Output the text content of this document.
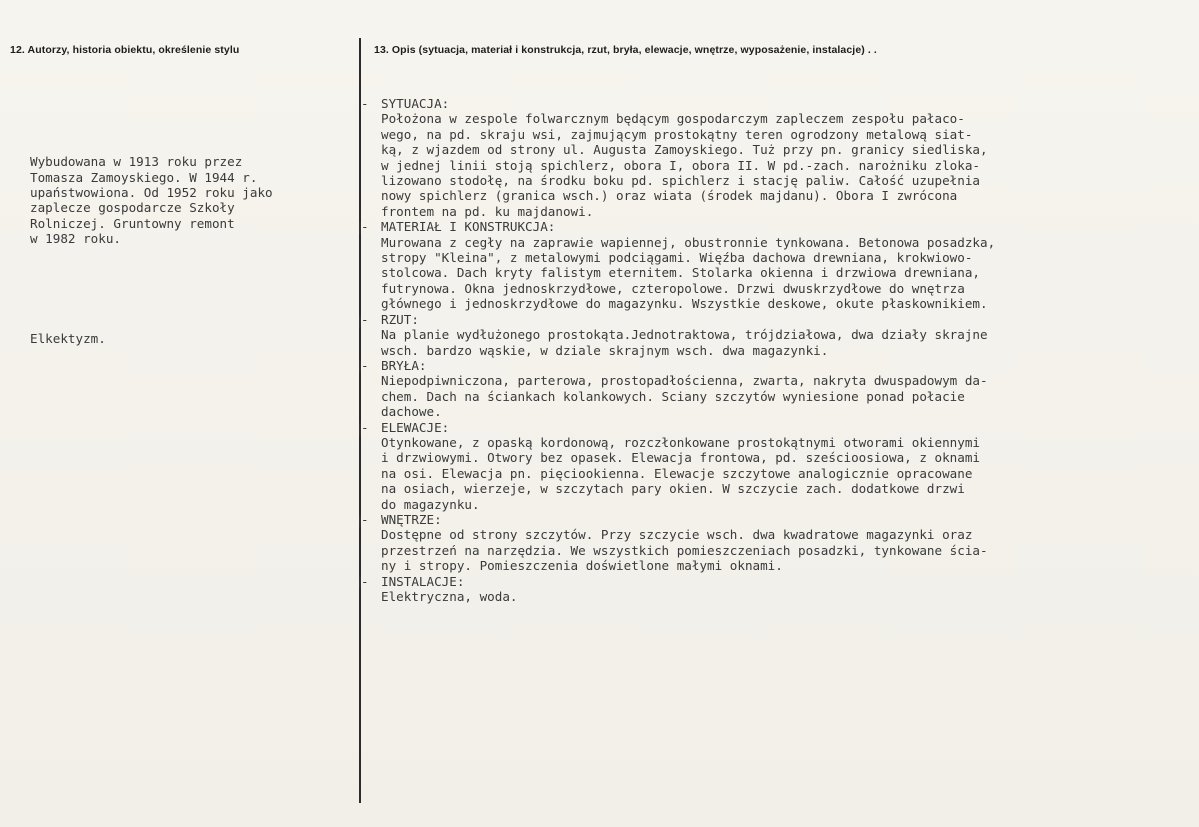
12. Autorzy, historia obiektu, określenie stylu	13. Opis (sytuacja, materiał i konstrukcja, rzut, bryła, elewacje, wnętrze, wyposażenie, instalacje) . .

Wybudowana w 1913 roku przez
Tomasza Zamoyskiego. W 1944 r.
upaństwowiona. Od 1952 roku jako
zaplecze gospodarcze Szkoły
Rolniczej. Gruntowny remont
w 1982 roku.

Elkektyzm.

- SYTUACJA:
Położona w zespole folwarcznym będącym gospodarczym zapleczem zespołu pałaco-
wego, na pd. skraju wsi, zajmującym prostokątny teren ogrodzony metalową siat-
ką, z wjazdem od strony ul. Augusta Zamoyskiego. Tuż przy pn. granicy siedliska,
w jednej linii stoją spichlerz, obora I, obora II. W pd.-zach. narożniku zloka-
lizowano stodołę, na środku boku pd. spichlerz i stację paliw. Całość uzupełnia
nowy spichlerz (granica wsch.) oraz wiata (środek majdanu). Obora I zwrócona
frontem na pd. ku majdanowi.
- MATERIAŁ I KONSTRUKCJA:
Murowana z cegły na zaprawie wapiennej, obustronnie tynkowana. Betonowa posadzka,
stropy "Kleina", z metalowymi podciągami. Więźba dachowa drewniana, krokwiowo-
stolcowa. Dach kryty falistym eternitem. Stolarka okienna i drzwiowa drewniana,
futrynowa. Okna jednoskrzydłowe, czteropolowe. Drzwi dwuskrzydłowe do wnętrza
głównego i jednoskrzydłowe do magazynku. Wszystkie deskowe, okute płaskownikiem.
- RZUT:
Na planie wydłużonego prostokąta.Jednotraktowa, trójdziałowa, dwa działy skrajne
wsch. bardzo wąskie, w dziale skrajnym wsch. dwa magazynki.
- BRYŁA:
Niepodpiwniczona, parterowa, prostopadłościenna, zwarta, nakryta dwuspadowym da-
chem. Dach na ściankach kolankowych. Sciany szczytów wyniesione ponad połacie
dachowe.
- ELEWACJE:
Otynkowane, z opaską kordonową, rozczłonkowane prostokątnymi otworami okiennymi
i drzwiowymi. Otwory bez opasek. Elewacja frontowa, pd. sześcioosiowa, z oknami
na osi. Elewacja pn. pięciookienna. Elewacje szczytowe analogicznie opracowane
na osiach, wierzeje, w szczytach pary okien. W szczycie zach. dodatkowe drzwi
do magazynku.
- WNĘTRZE:
Dostępne od strony szczytów. Przy szczycie wsch. dwa kwadratowe magazynki oraz
przestrzeń na narzędzia. We wszystkich pomieszczeniach posadzki, tynkowane ścia-
ny i stropy. Pomieszczenia doświetlone małymi oknami.
- INSTALACJE:
Elektryczna, woda.
